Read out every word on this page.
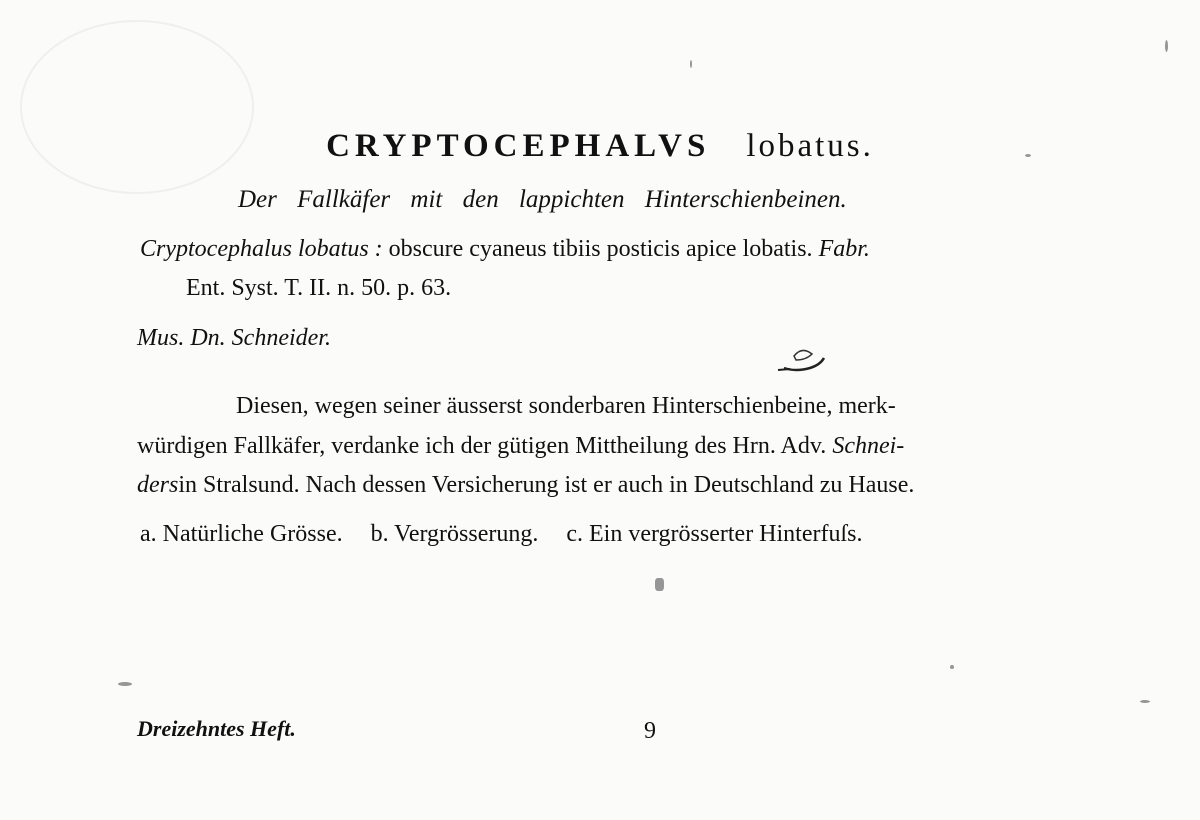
CRYPTOCEPHALVS lobatus.
Der Fallkäfer mit den lappichten Hinterschienbeinen.
Cryptocephalus lobatus : obscure cyaneus tibiis posticis apice lobatis. Fabr.
Ent. Syst. T. II. n. 50. p. 63.
Mus. Dn. Schneider.
Diesen, wegen seiner äusserst sonderbaren Hinterschienbeine, merk-
würdigen Fallkäfer, verdanke ich der gütigen Mittheilung des Hrn. Adv. Schnei-
dersin Stralsund. Nach dessen Versicherung ist er auch in Deutschland zu Hause.
a. Natürliche Grösse. b. Vergrösserung. c. Ein vergrösserter Hinterfuſs.
Dreizehntes Heft.	9
